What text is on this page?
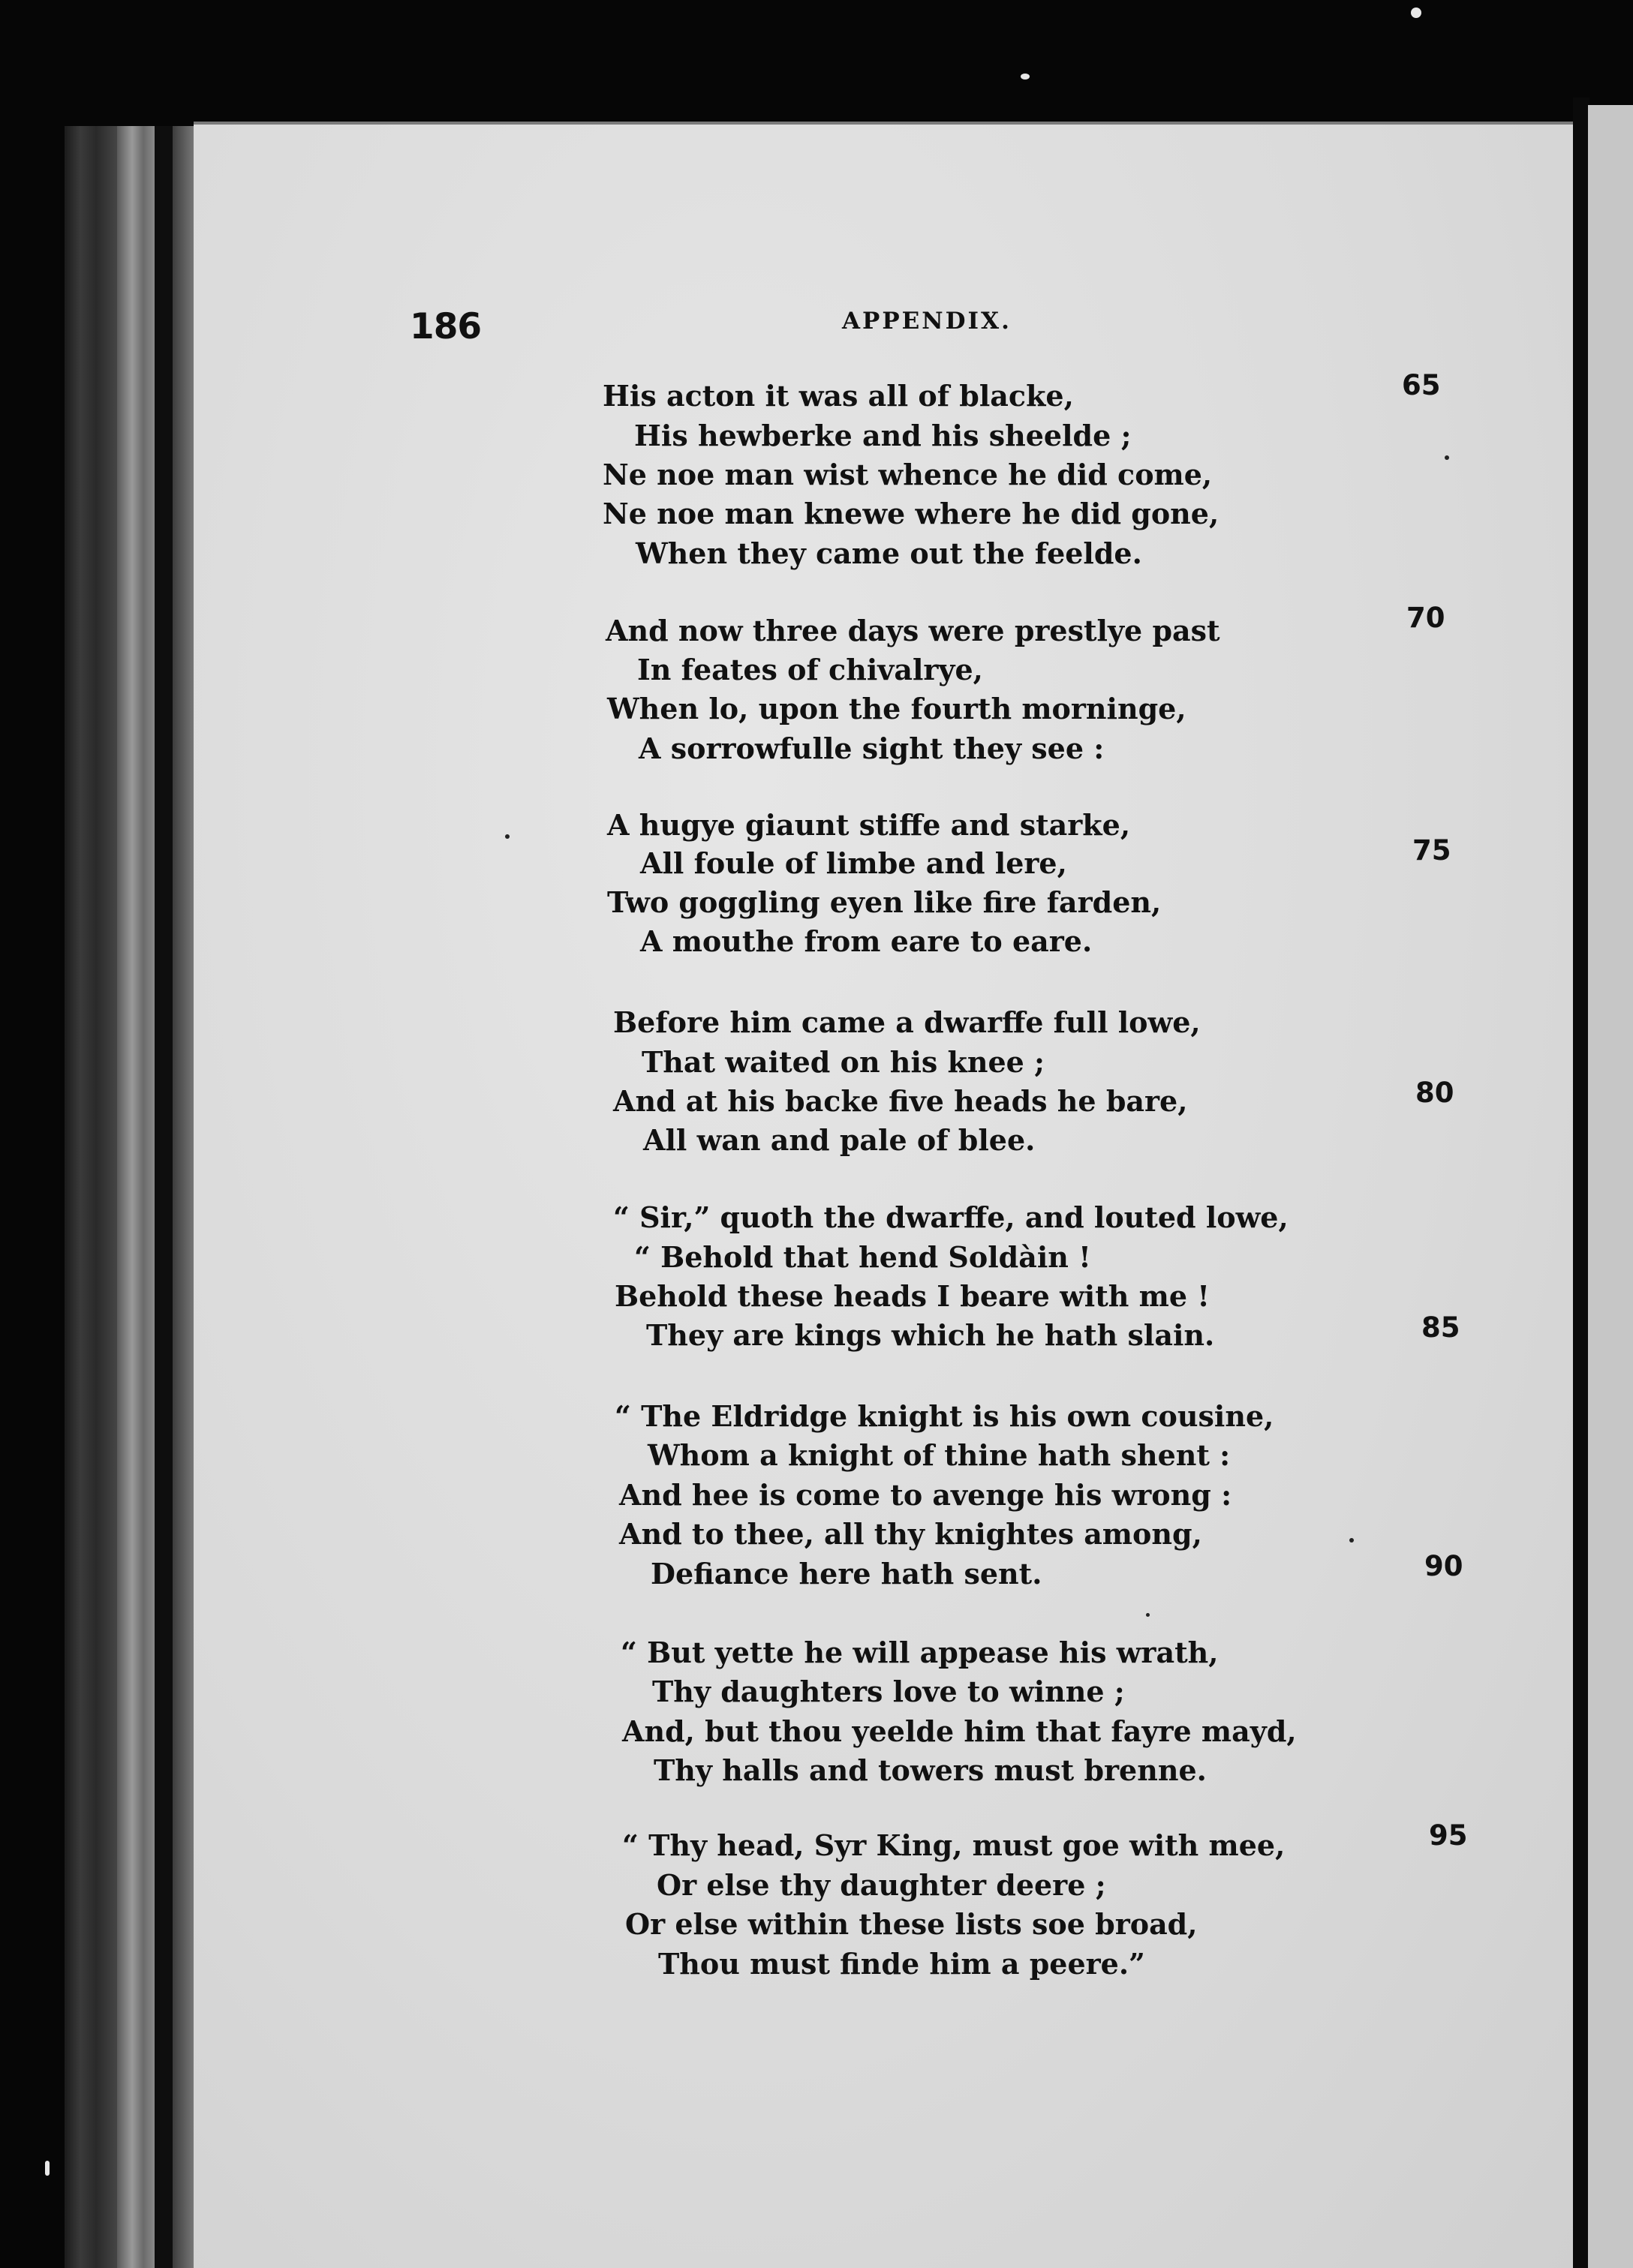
186	APPENDIX.
His acton it was all of blacke,
His hewberke and his sheelde ;
Ne noe man wist whence he did come,
Ne noe man knewe where he did gone,
When they came out the feelde.
And now three days were prestlye past
In feates of chivalrye,
When lo, upon the fourth morninge,
A sorrowfulle sight they see :
A hugye giaunt stiffe and starke,
All foule of limbe and lere,
Two goggling eyen like fire farden,
A mouthe from eare to eare.
Before him came a dwarffe full lowe,
That waited on his knee ;
And at his backe five heads he bare,
All wan and pale of blee.
“ Sir,” quoth the dwarffe, and louted lowe,
“ Behold that hend Soldàin !
Behold these heads I beare with me !
They are kings which he hath slain.
“ The Eldridge knight is his own cousine,
Whom a knight of thine hath shent :
And hee is come to avenge his wrong :
And to thee, all thy knightes among,
Defiance here hath sent.
“ But yette he will appease his wrath,
Thy daughters love to winne ;
And, but thou yeelde him that fayre mayd,
Thy halls and towers must brenne.
“ Thy head, Syr King, must goe with mee,
Or else thy daughter deere ;
Or else within these lists soe broad,
Thou must finde him a peere.”
65
70
75
80
85
90
95
